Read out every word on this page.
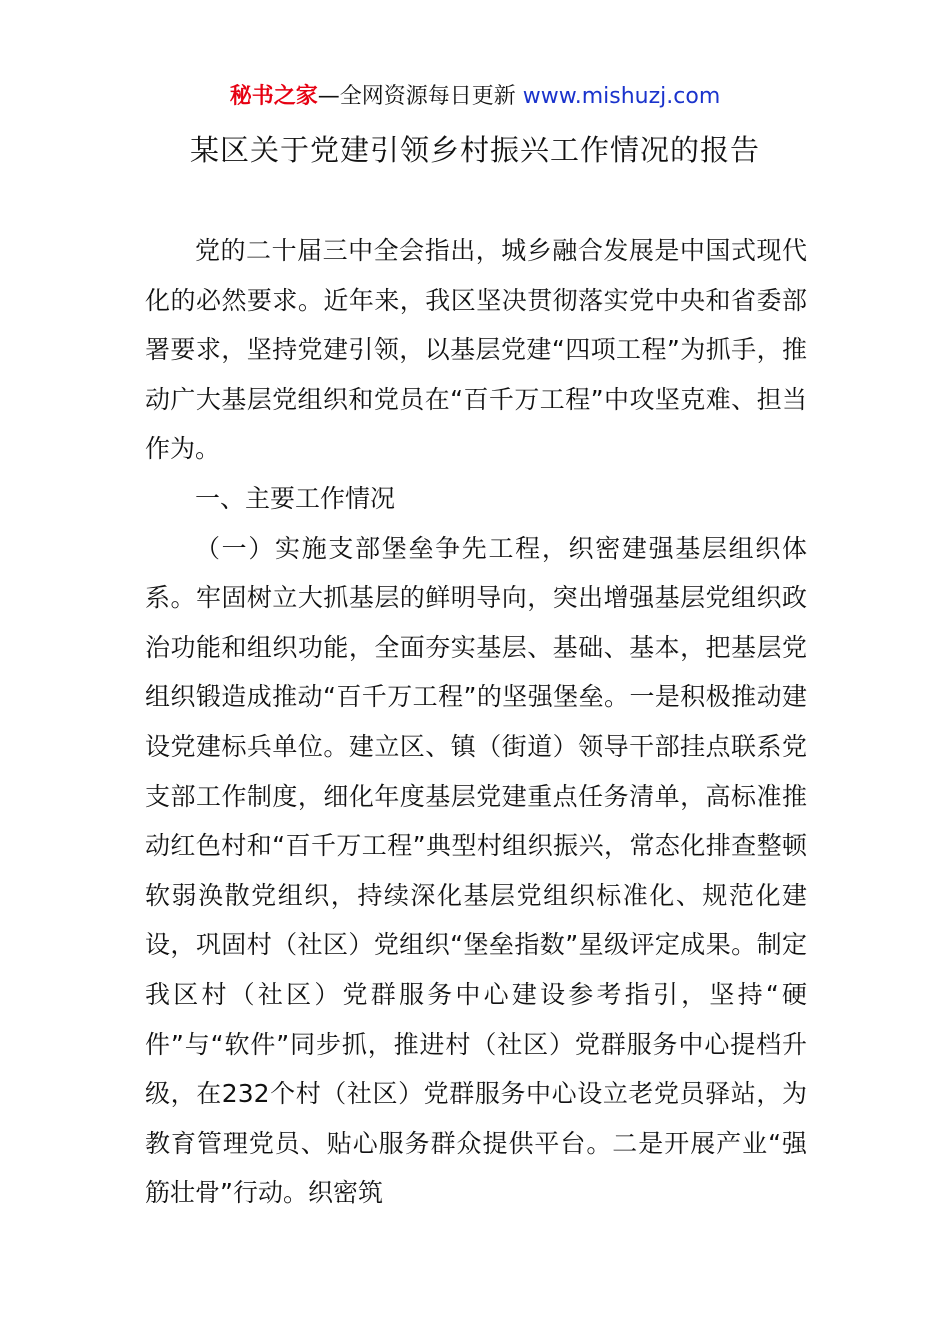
秘书之家—全网资源每日更新 www.mishuzj.com
某区关于党建引领乡村振兴工作情况的报告

党的二十届三中全会指出，城乡融合发展是中国式现代化的必然要求。近年来，我区坚决贯彻落实党中央和省委部署要求，坚持党建引领，以基层党建“四项工程”为抓手，推动广大基层党组织和党员在“百千万工程”中攻坚克难、担当作为。

一、主要工作情况

（一）实施支部堡垒争先工程，织密建强基层组织体系。牢固树立大抓基层的鲜明导向，突出增强基层党组织政治功能和组织功能，全面夯实基层、基础、基本，把基层党组织锻造成推动“百千万工程”的坚强堡垒。一是积极推动建设党建标兵单位。建立区、镇（街道）领导干部挂点联系党支部工作制度，细化年度基层党建重点任务清单，高标准推动红色村和“百千万工程”典型村组织振兴，常态化排查整顿软弱涣散党组织，持续深化基层党组织标准化、规范化建设，巩固村（社区）党组织“堡垒指数”星级评定成果。制定我区村（社区）党群服务中心建设参考指引，坚持“硬件”与“软件”同步抓，推进村（社区）党群服务中心提档升级，在232个村（社区）党群服务中心设立老党员驿站，为教育管理党员、贴心服务群众提供平台。二是开展产业“强筋壮骨”行动。织密筑
